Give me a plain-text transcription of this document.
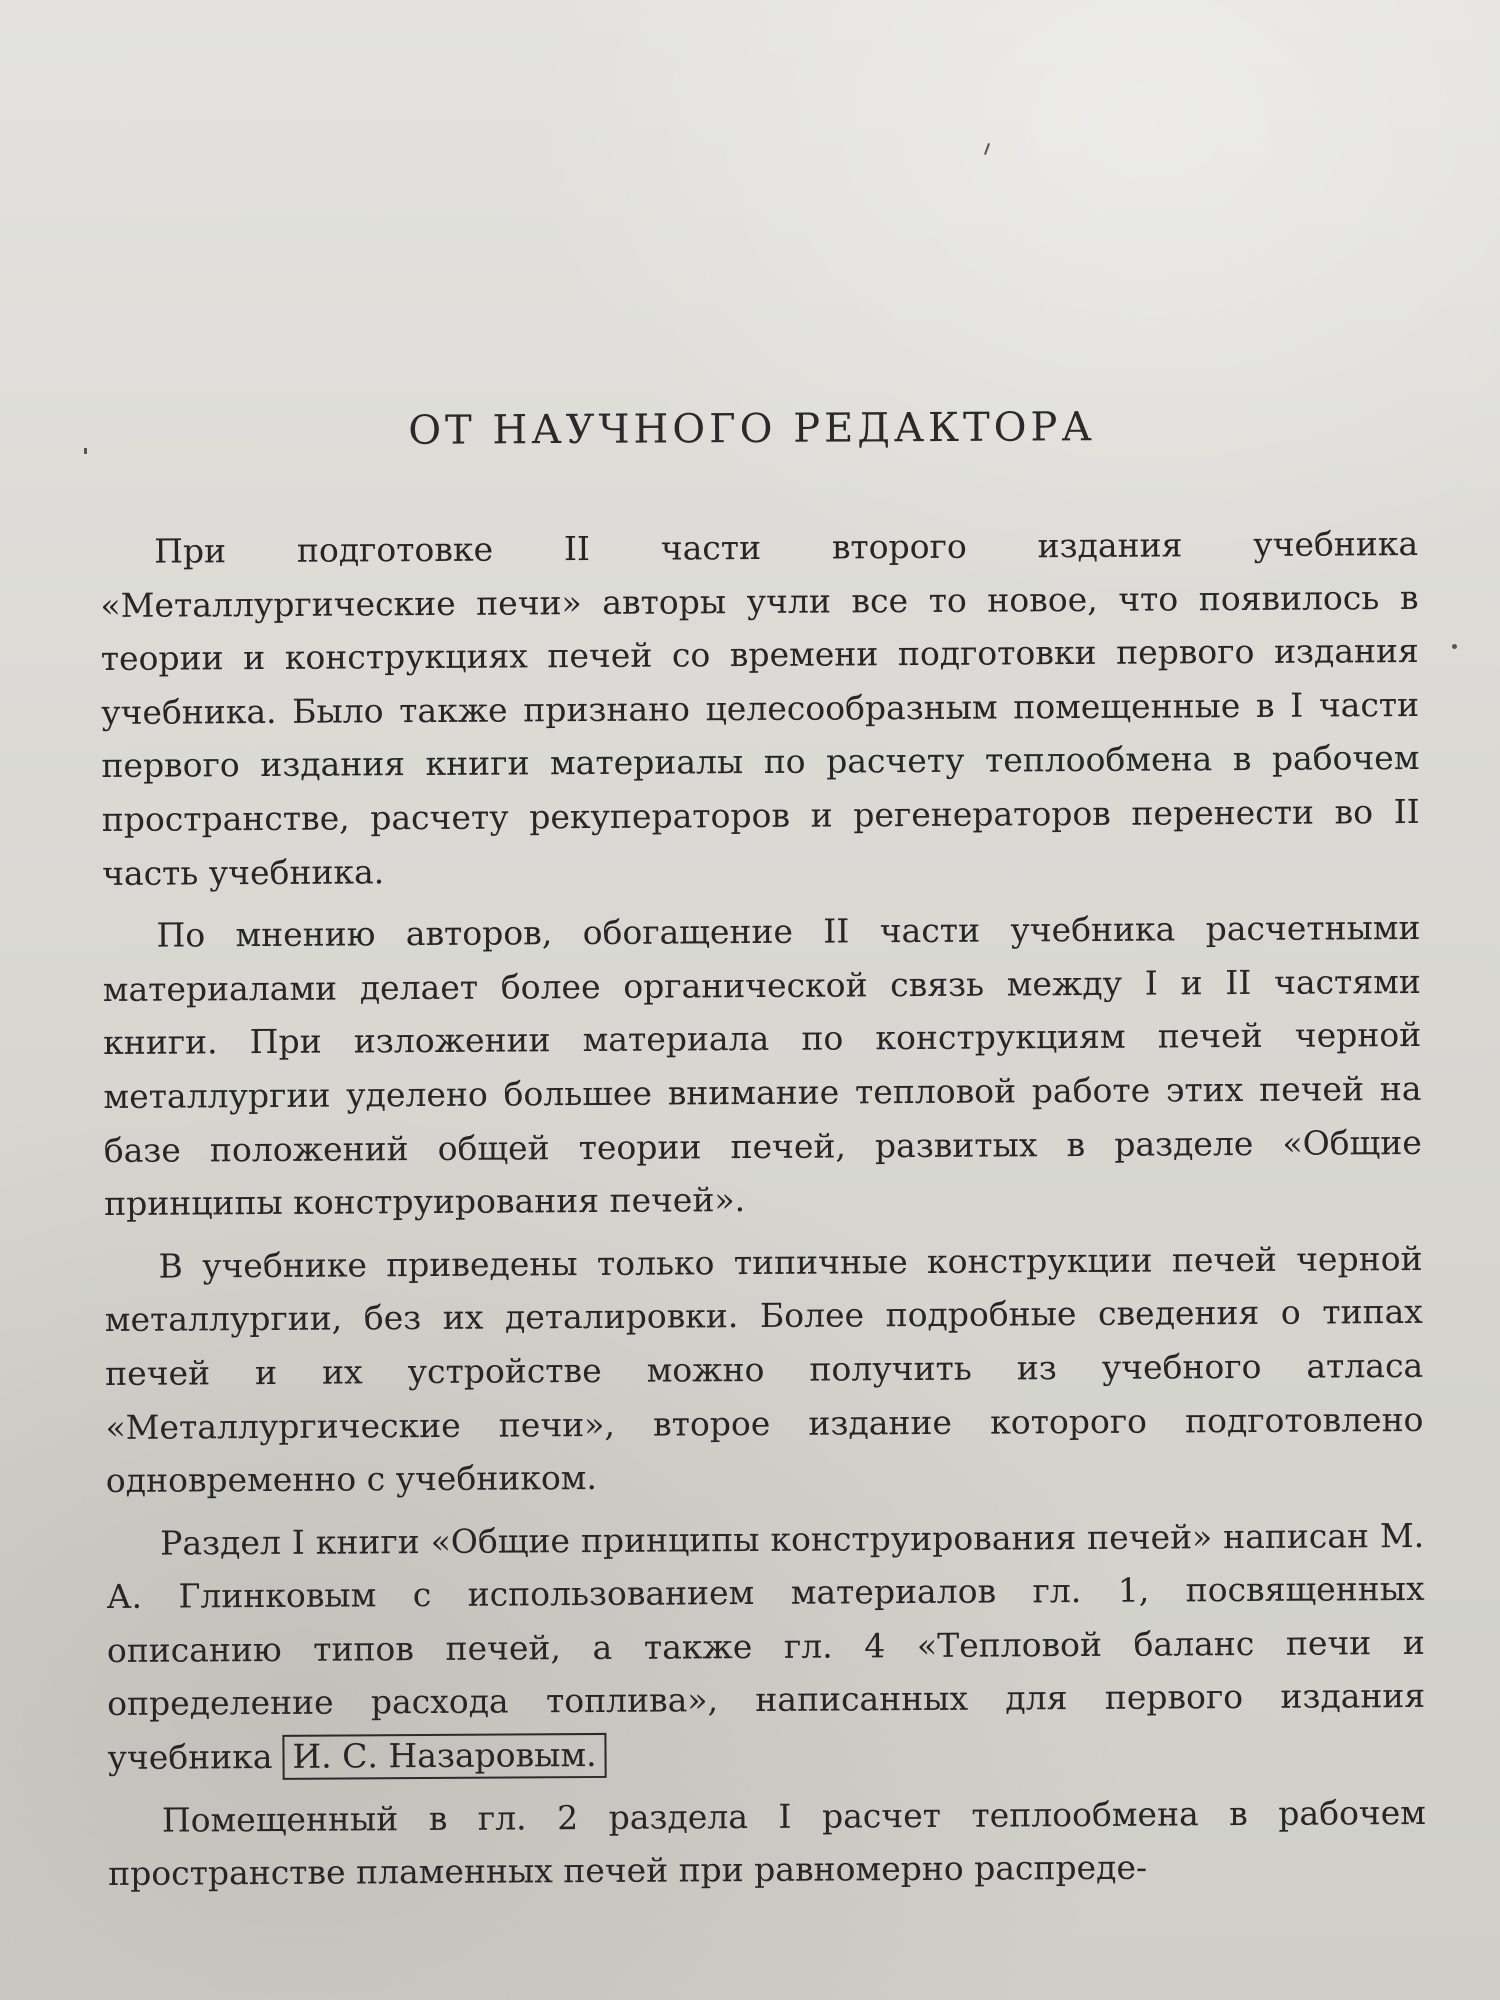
ОТ НАУЧНОГО РЕДАКТОРА

При подготовке II части второго издания учебника «Металлургические печи» авторы учли все то новое, что появилось в теории и конструкциях печей со времени подготовки первого издания учебника. Было также признано целесообразным помещенные в I части первого издания книги материалы по расчету теплообмена в рабочем пространстве, расчету рекуператоров и регенераторов перенести во II часть учебника.

По мнению авторов, обогащение II части учебника расчетными материалами делает более органической связь между I и II частями книги. При изложении материала по конструкциям печей черной металлургии уделено большее внимание тепловой работе этих печей на базе положений общей теории печей, развитых в разделе «Общие принципы конструирования печей».

В учебнике приведены только типичные конструкции печей черной металлургии, без их деталировки. Более подробные сведения о типах печей и их устройстве можно получить из учебного атласа «Металлургические печи», второе издание которого подготовлено одновременно с учебником.

Раздел I книги «Общие принципы конструирования печей» написан М. А. Глинковым с использованием материалов гл. 1, посвященных описанию типов печей, а также гл. 4 «Тепловой баланс печи и определение расхода топлива», написанных для первого издания учебника И. С. Назаровым.

Помещенный в гл. 2 раздела I расчет теплообмена в рабочем пространстве пламенных печей при равномерно распреде-
